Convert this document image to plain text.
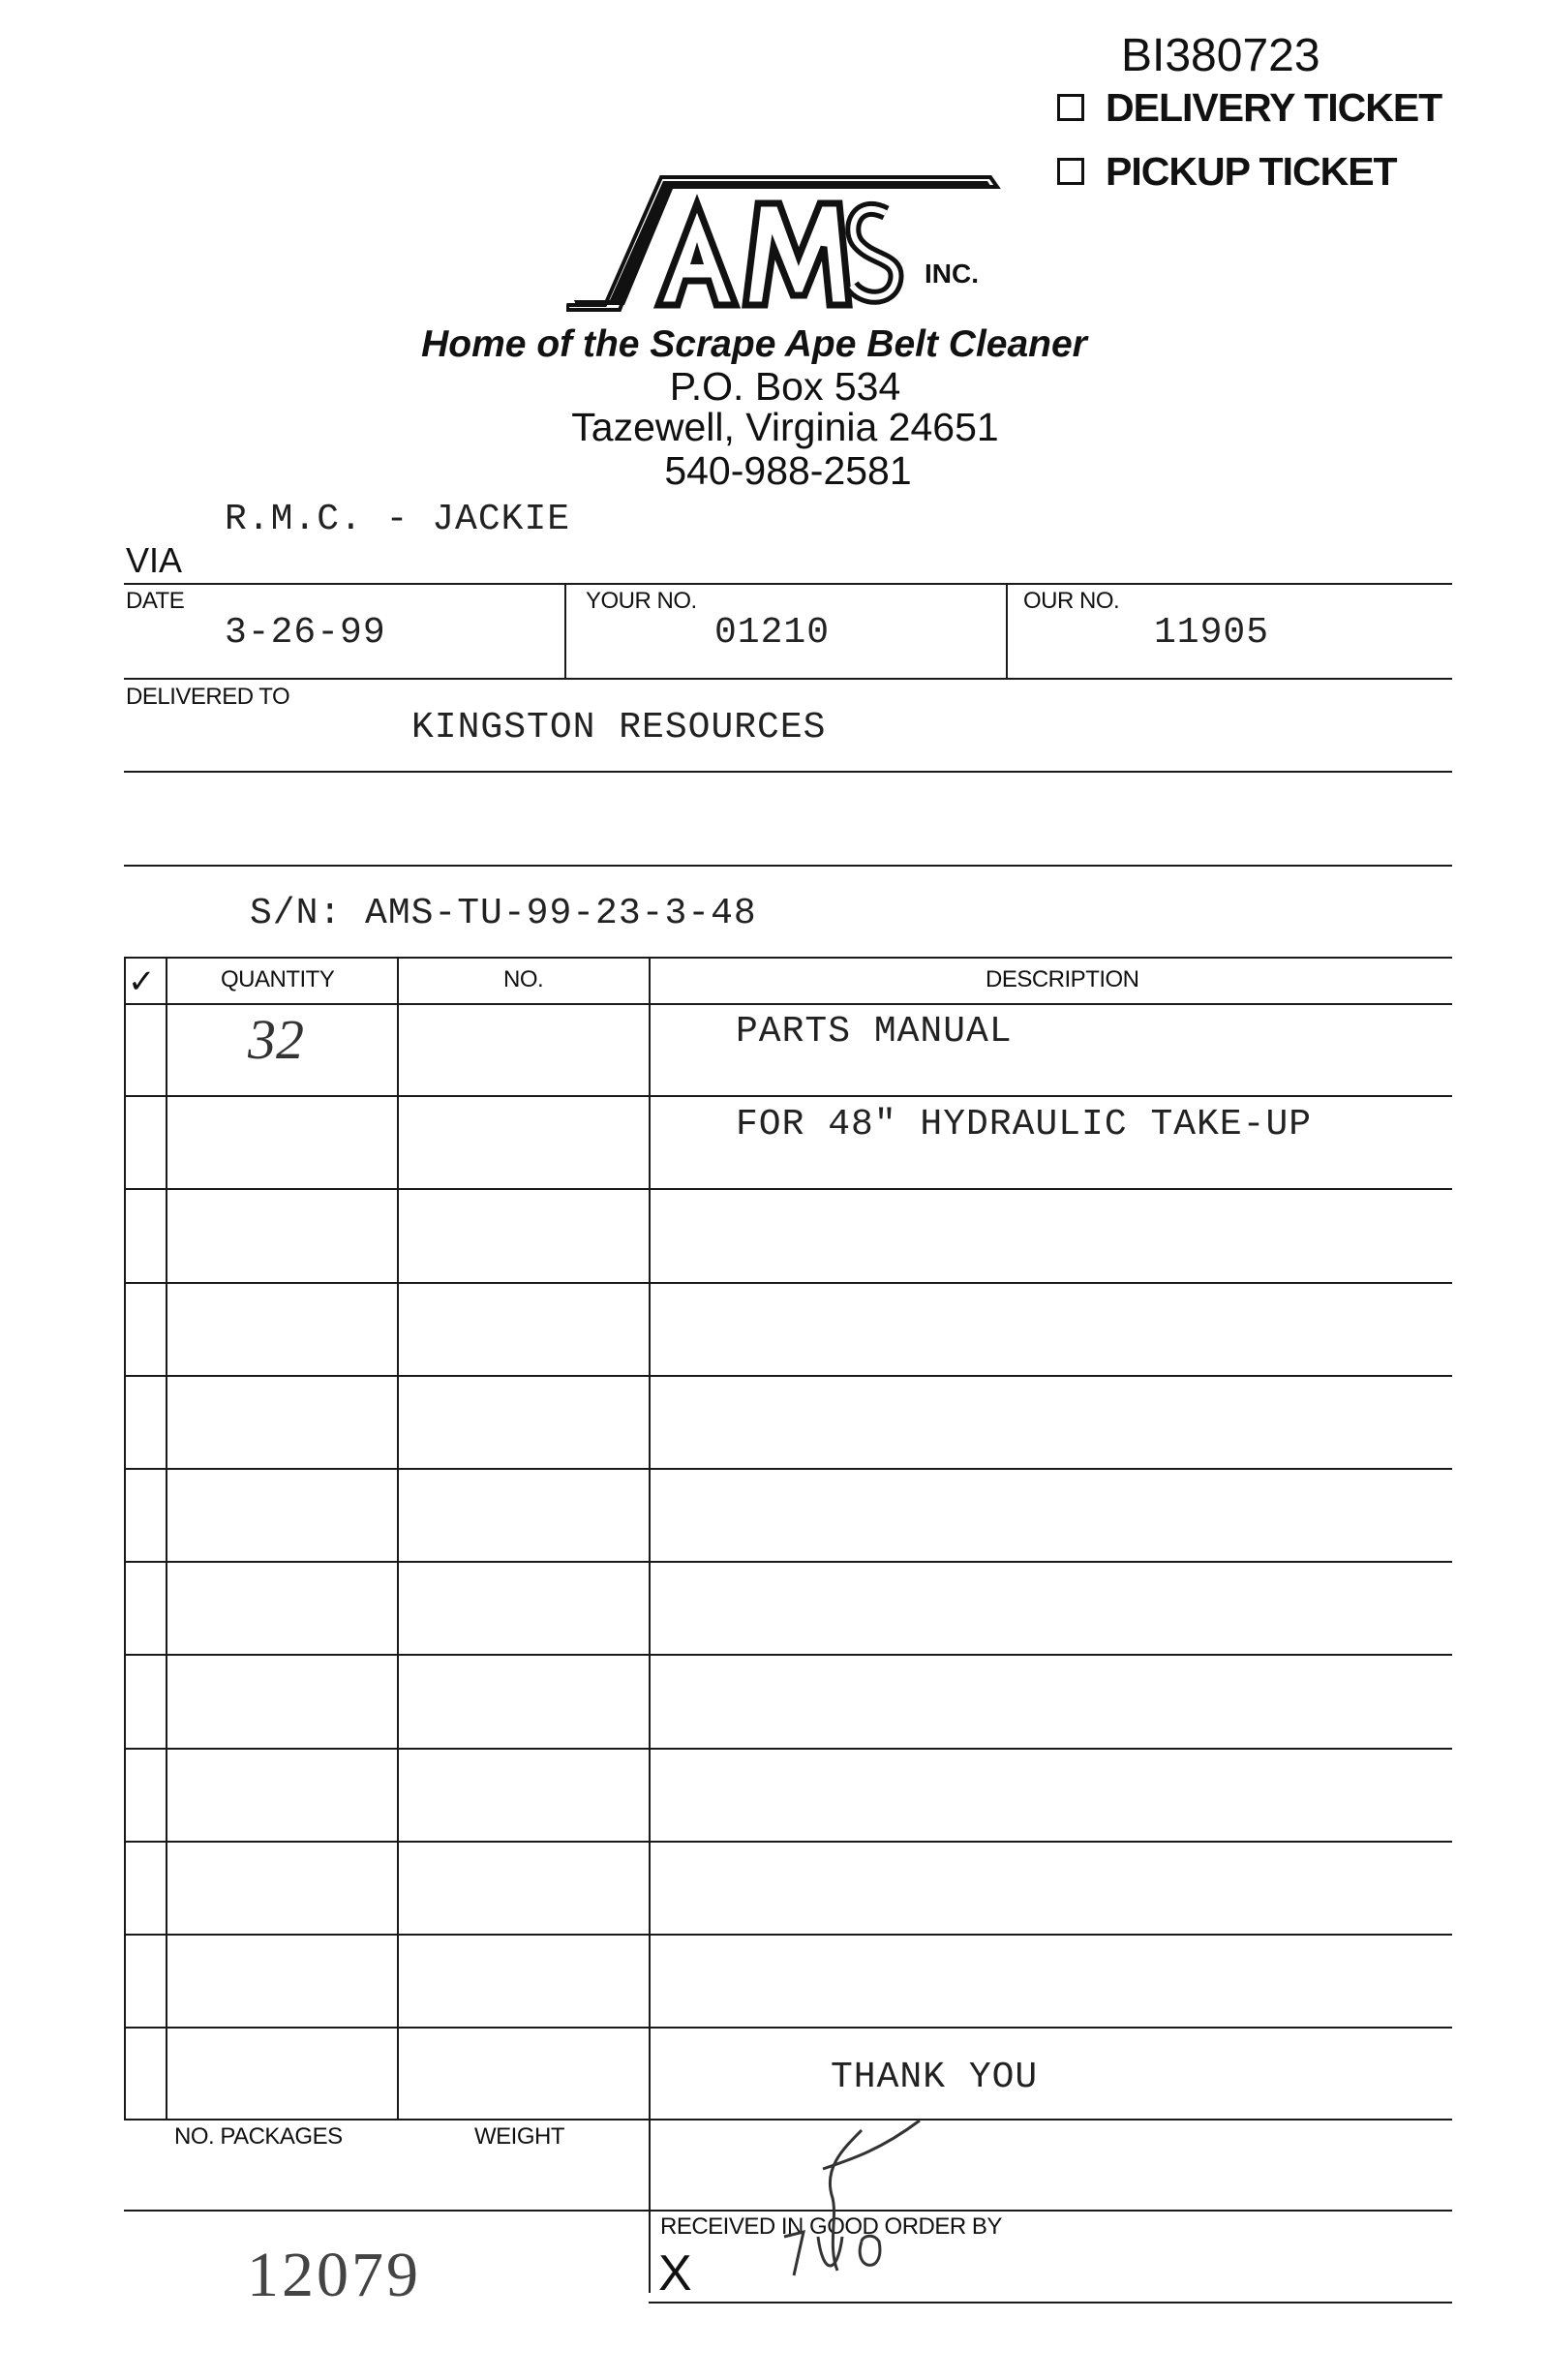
BI380723
DELIVERY TICKET
PICKUP TICKET
INC.
Home of the Scrape Ape Belt Cleaner
P.O. Box 534
Tazewell, Virginia 24651
540-988-2581
R.M.C. - JACKIE
VIA
DATE
3-26-99
YOUR NO.
01210
OUR NO.
11905
DELIVERED TO
KINGSTON RESOURCES
S/N: AMS-TU-99-23-3-48
✓	QUANTITY	NO.	DESCRIPTION
32	PARTS MANUAL
FOR 48" HYDRAULIC TAKE-UP
THANK YOU
NO. PACKAGES	WEIGHT
RECEIVED IN GOOD ORDER BY
X
12079
